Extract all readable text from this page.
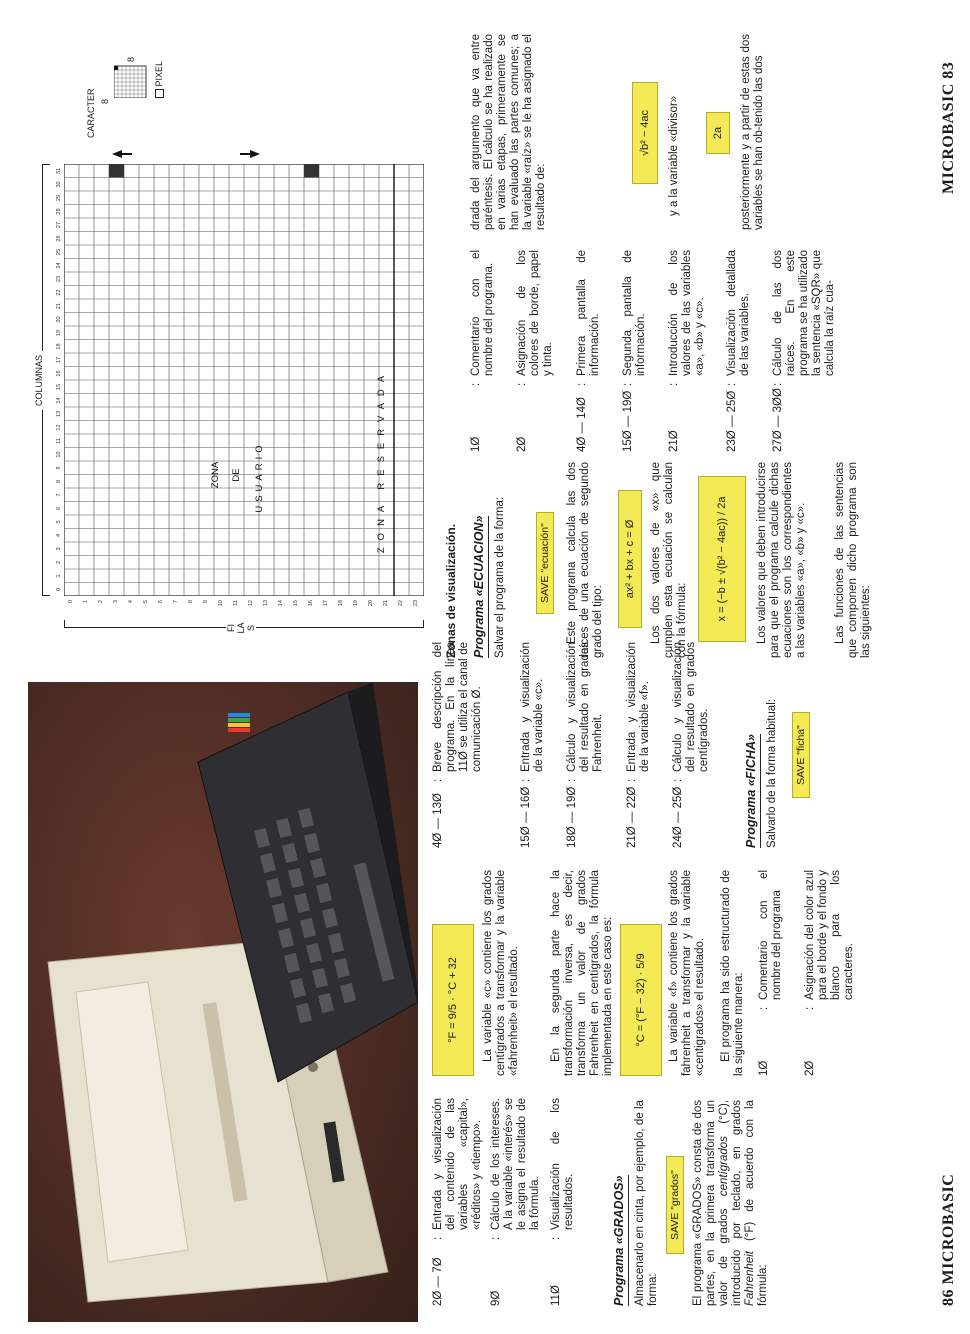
2Ø — 7Ø
:
Entrada y visualización del contenido de las variables «capital», «réditos» y «tiempo».
9Ø
:
Cálculo de los intereses. A la variable «interés» se le asigna el resultado de la fórmula.
11Ø
:
Visualización de los resultados.	Programa «GRADOS» Almacenarlo en cinta, por ejemplo, de la forma:
SAVE "grados" El programa «GRADOS» consta de dos partes, en la primera transforma un valor de grados centígrados (°C), introducido por teclado, en grados Fahrenheit (°F) de acuerdo con la fórmula:
°F = 9/5 · °C + 32 La variable «c» contiene los grados centígrados a transformar y la variable «fahrenheit» el resultado.	En la segunda parte hace la transformación inversa, es decir, transforma un valor de grados Fahrenheit en centígrados, la fórmula implementada en este caso es: °C = (°F − 32) · 5/9 La variable «f» contiene los grados fahrenheit a transformar y la variable «centigrados» el resultado. El programa ha sido estructurado de la siguiente manera: 1Ø
:
Comentario con el nombre del programa
2Ø
:
Asignación del color azul para el borde y el fondo y blanco para los caracteres.
4Ø — 13Ø
:
Breve descripción del programa. En la línea 11Ø se utiliza el canal de comunicación Ø.
15Ø — 16Ø
:
Entrada y visualización de la variable «c».
18Ø — 19Ø
:
Cálculo y visualización del resultado en grados Fahrenheit.
21Ø — 22Ø
:
Entrada y visualización de la variable «f».
24Ø — 25Ø
:
Cálculo y visualización del resultado en grados centígrados.	Programa «FICHA» Salvarlo de la forma habitual: SAVE "ficha"
86 MICROBASIC
COLUMNAS
FILAS
0
1
2
3
4
5
6
7
8
9
10
11
12
13
14
15
16
17
18
19
20
21
22
23
24
25
26
27
28
29
30
31
0 1 2 3 4 5 6 7 8 9 10 11 12 13 14 15 16 17 18 19 20 21 22 23
ZONA DE USUARIO	ZONA RESERVADA
8
8
PIXEL
CARACTER
Zonas de visualización. Programa «ECUACION» Salvar el programa de la forma:	SAVE "ecuación" Este programa calcula las dos raíces de una ecuación de segundo grado del tipo:
ax² + bx + c = Ø Los dos valores de «x» que cumplen esta ecuación se calculan con la fórmula:	x = (−b ± √(b² − 4ac)) / 2a Los valores que deben introducirse para que el programa calcule dichas ecuaciones son los correspondientes a las variables «a», «b» y «c». Las funciones de las sentencias que componen dicho programa son las siguientes:
1Ø
:
Comentario con el nombre del programa.
2Ø
:
Asignación de los colores de borde, papel y tinta.
4Ø — 14Ø
:
Primera pantalla de información.
15Ø — 19Ø
:
Segunda pantalla de información.
21Ø
:
Introducción de los valores de las variables «a», «b» y «c».
23Ø — 25Ø
:
Visualización detallada de las variables.
27Ø — 3ØØ
:
Cálculo de las dos raíces. En este programa se ha utilizado la sentencia «SQR» que calcula la raíz cua-
drada del argumento que va entre paréntesis. El cálculo se ha realizado en varias etapas, primeramente se han evaluado las partes comunes; a la variable «raíz» se le ha asignado el resultado de:
√b² − 4ac y a la variable «divisor»	2a posteriormente y a partir de estas dos variables se han ob-tenido las dos	MICROBASIC 83
